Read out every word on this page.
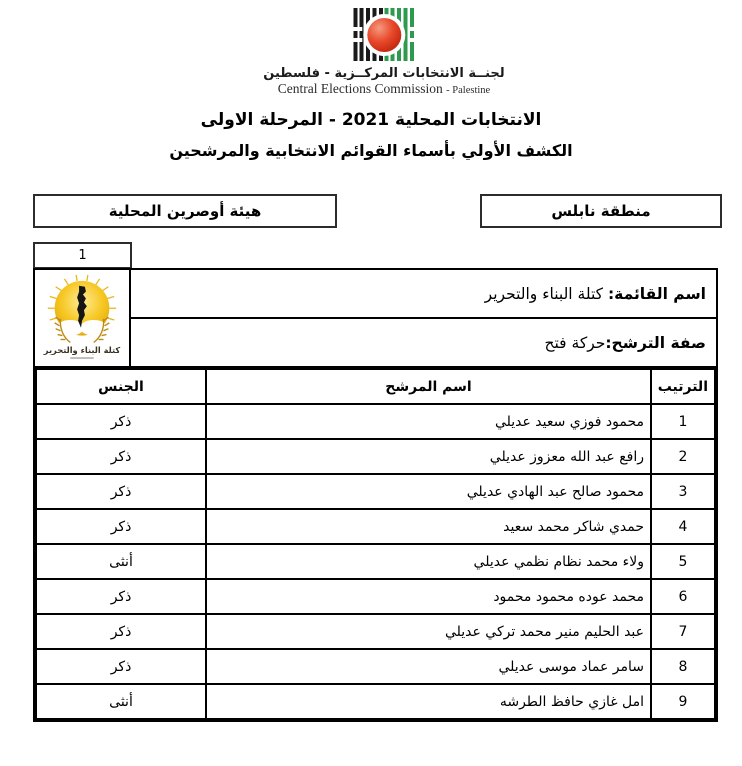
لجنــة الانتخابات المركــزية - فلسطين
Central Elections Commission - Palestine
الانتخابات المحلية 2021 - المرحلة الاولى
الكشف الأولي بأسماء القوائم الانتخابية والمرشحين
منطقة نابلس
هيئة أوصرين المحلية
1
كتلة البناء والتحرير
اسم القائمة:

كتلة البناء والتحرير
صفة الترشح:
حركة فتح
الترتيب	اسم المرشح	الجنس
1	محمود فوزي سعيد عديلي	ذكر
2	رافع عبد الله معزوز عديلي	ذكر
3	محمود صالح عبد الهادي عديلي	ذكر
4	حمدي شاكر محمد سعيد	ذكر
5	ولاء محمد نظام نظمي عديلي	أنثى
6	محمد عوده محمود محمود	ذكر
7	عبد الحليم منير محمد تركي عديلي	ذكر
8	سامر عماد موسى عديلي	ذكر
9	امل غازي حافظ الطرشه	أنثى
